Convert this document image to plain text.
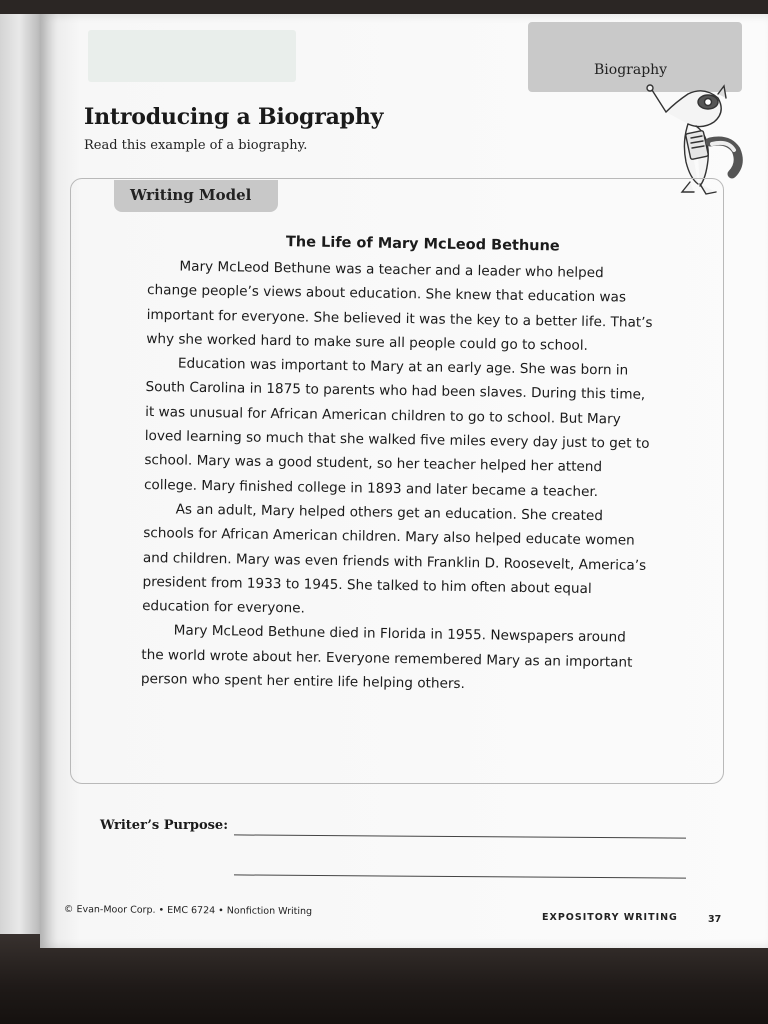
Biography
Introducing a Biography
Read this example of a biography.
Writing Model
The Life of Mary McLeod Bethune

Mary McLeod Bethune was a teacher and a leader who helped change people’s views about education. She knew that education was important for everyone. She believed it was the key to a better life. That’s why she worked hard to make sure all people could go to school.

Education was important to Mary at an early age. She was born in South Carolina in 1875 to parents who had been slaves. During this time, it was unusual for African American children to go to school. But Mary loved learning so much that she walked five miles every day just to get to school. Mary was a good student, so her teacher helped her attend college. Mary finished college in 1893 and later became a teacher.

As an adult, Mary helped others get an education. She created schools for African American children. Mary also helped educate women and children. Mary was even friends with Franklin D. Roosevelt, America’s president from 1933 to 1945. She talked to him often about equal education for everyone.

Mary McLeod Bethune died in Florida in 1955. Newspapers around the world wrote about her. Everyone remembered Mary as an important person who spent her entire life helping others.

Writer’s Purpose:
© Evan-Moor Corp. • EMC 6724 • Nonfiction Writing
EXPOSITORY WRITING	37
